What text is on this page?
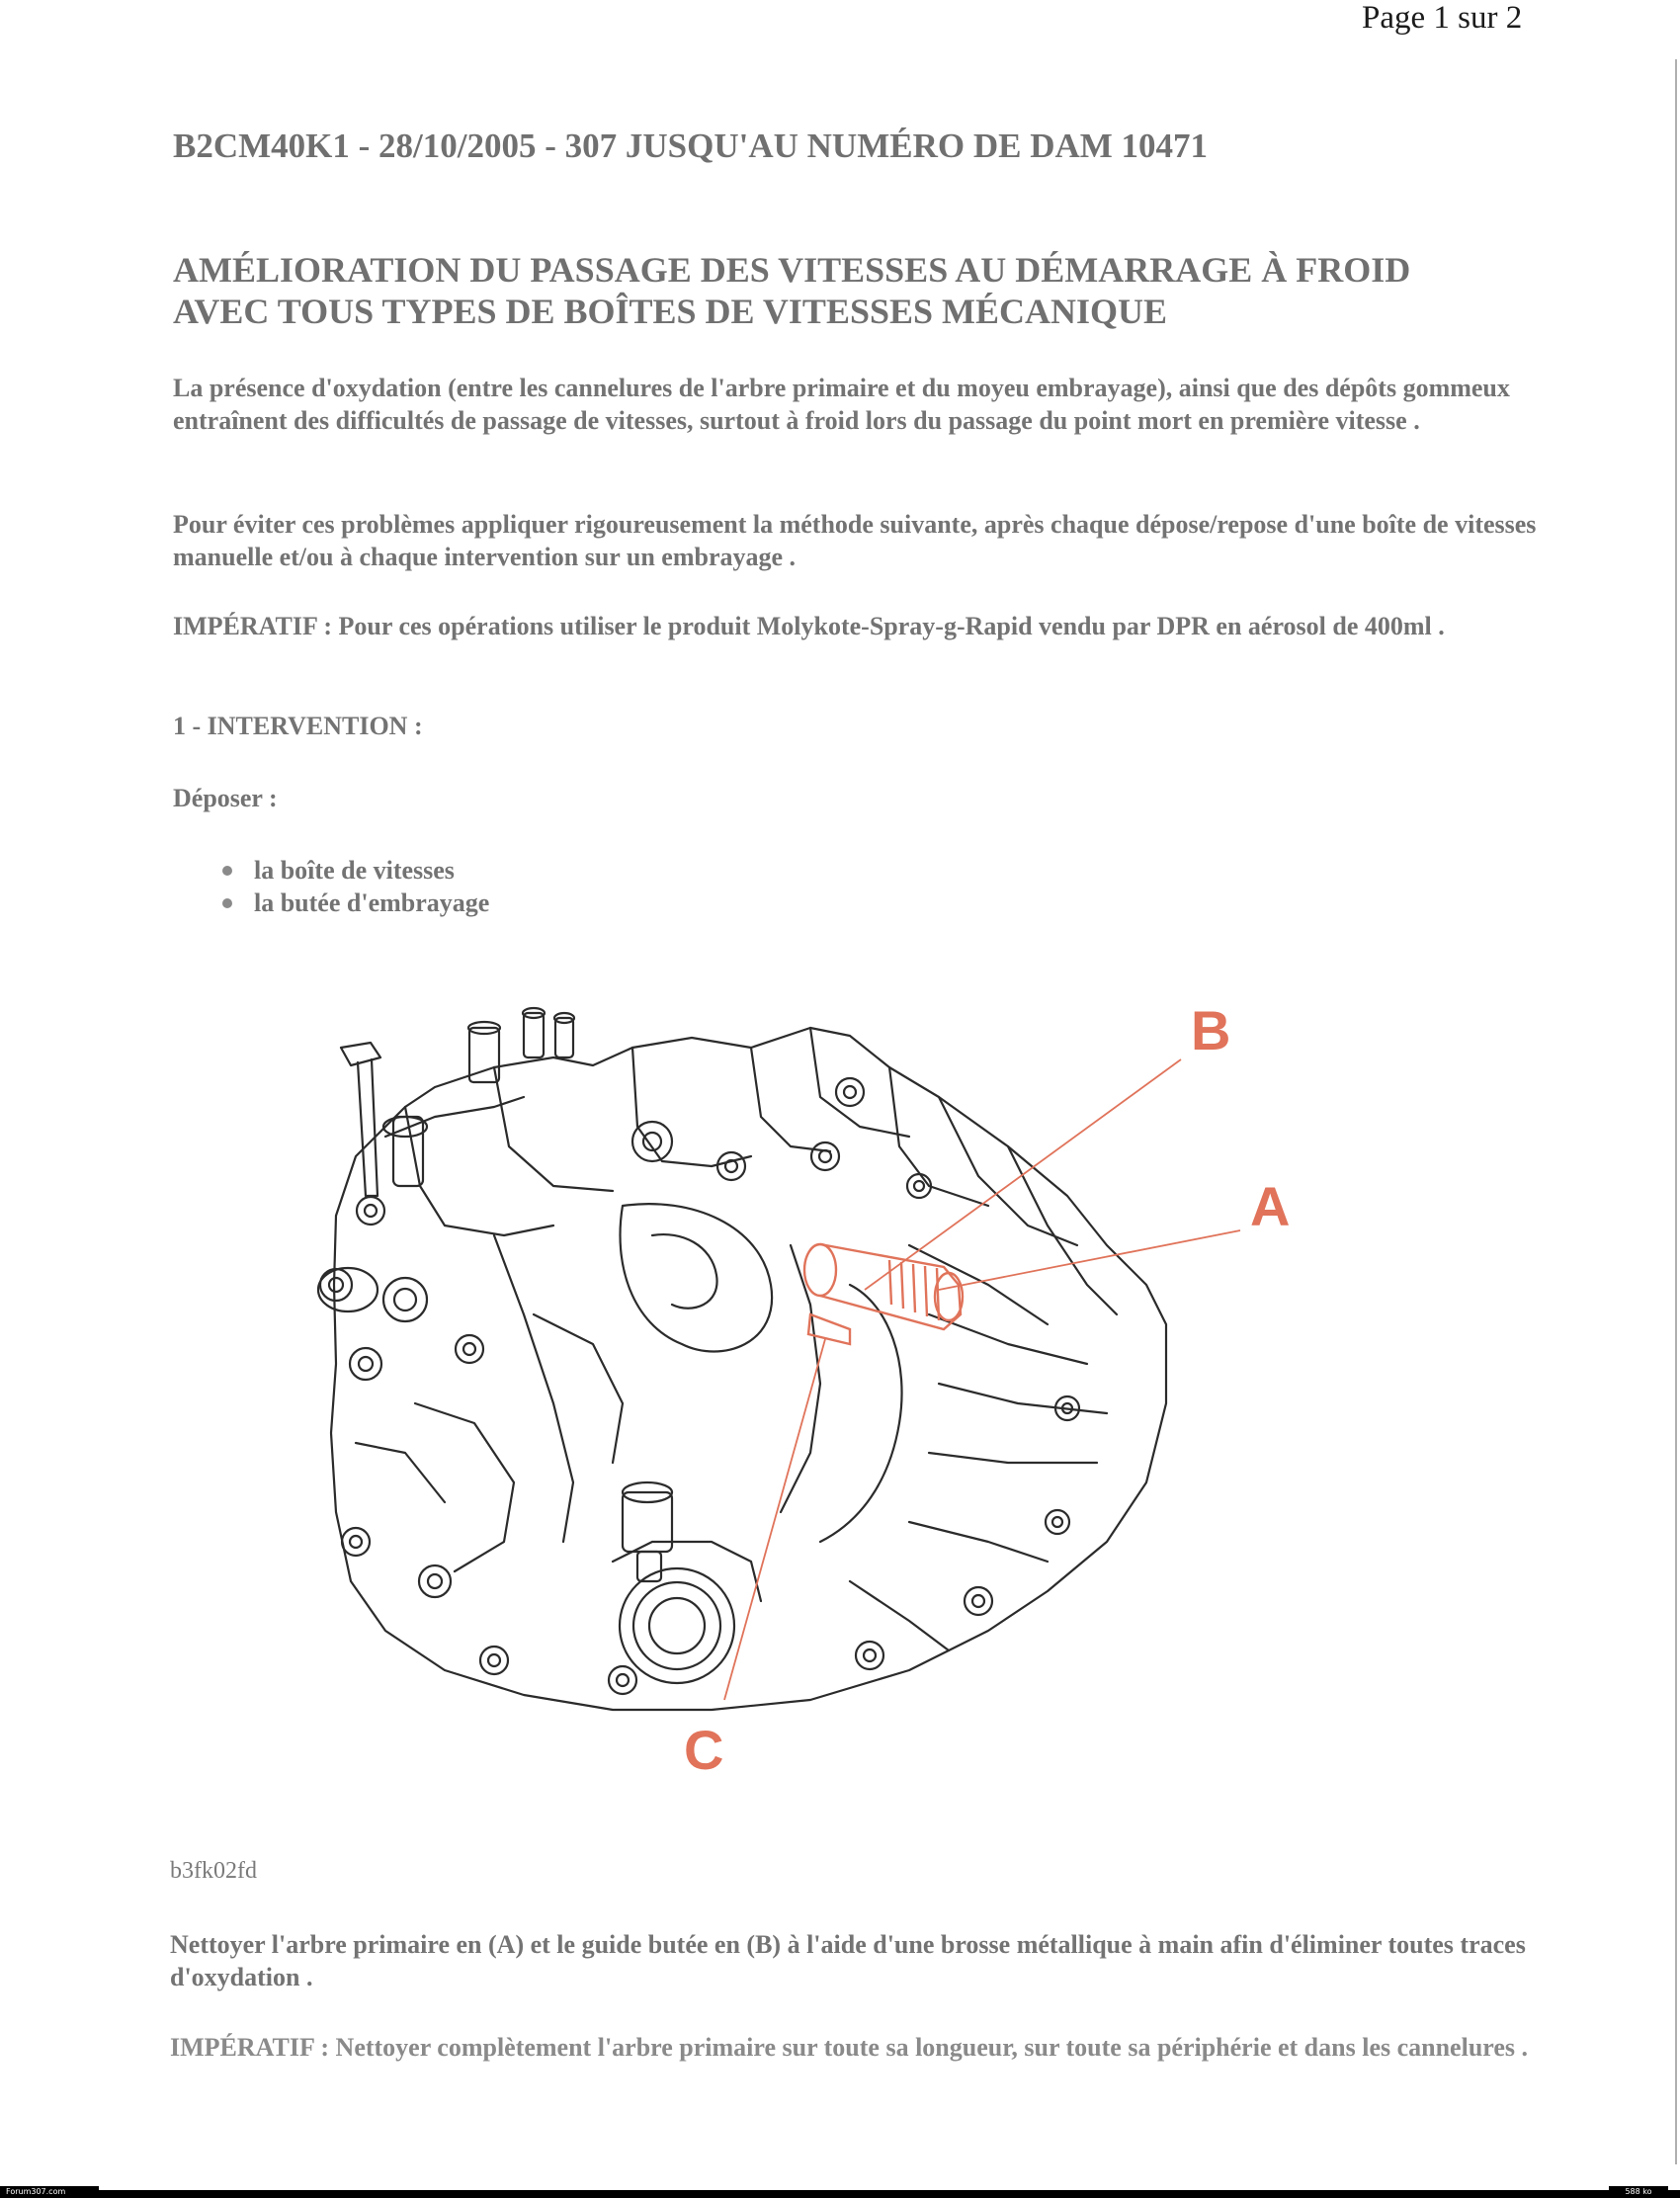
Page 1 sur 2
B2CM40K1 - 28/10/2005 - 307 JUSQU'AU NUMÉRO DE DAM 10471
AMÉLIORATION DU PASSAGE DES VITESSES AU DÉMARRAGE À FROID
AVEC TOUS TYPES DE BOÎTES DE VITESSES MÉCANIQUE
La présence d'oxydation (entre les cannelures de l'arbre primaire et du moyeu embrayage), ainsi que des dépôts gommeux entraînent des difficultés de passage de vitesses, surtout à froid lors du passage du point mort en première vitesse .
Pour éviter ces problèmes appliquer rigoureusement la méthode suivante, après chaque dépose/repose d'une boîte de vitesses manuelle et/ou à chaque intervention sur un embrayage .
IMPÉRATIF : Pour ces opérations utiliser le produit Molykote-Spray-g-Rapid vendu par DPR en aérosol de 400ml .
1 - INTERVENTION :
Déposer :
la boîte de vitesses
la butée d'embrayage
B
A
C
b3fk02fd
Nettoyer l'arbre primaire en (A) et le guide butée en (B) à l'aide d'une brosse métallique à main afin d'éliminer toutes traces d'oxydation .
IMPÉRATIF : Nettoyer complètement l'arbre primaire sur toute sa longueur, sur toute sa périphérie et dans les cannelures .
Forum307.com	588 ko
